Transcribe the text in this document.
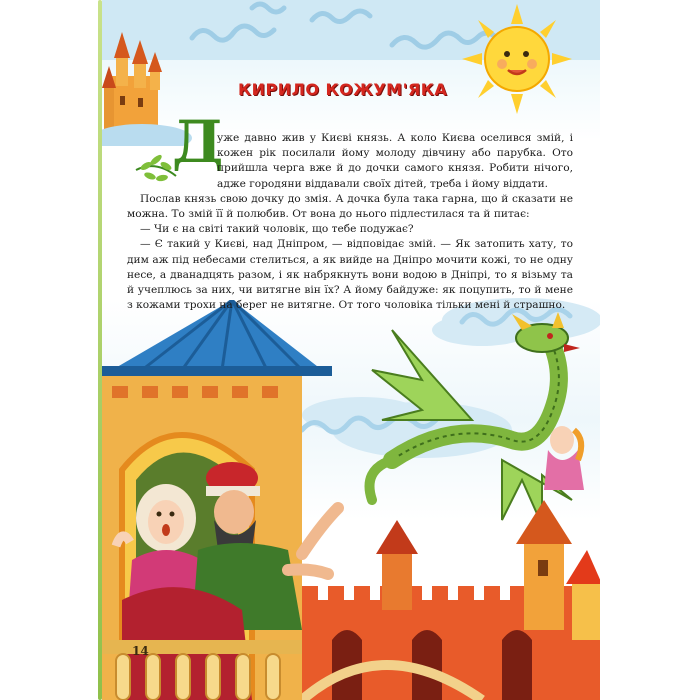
КИРИЛО КОЖУМ'ЯКА
Д

уже давно жив у Києві князь. А коло Києва оселився змій, і кожен рік посилали йому молоду дівчину або парубка. Ото прийшла черга вже й до дочки самого князя. Робити нічого, адже городяни віддавали своїх дітей, треба і йому віддати.

Послав князь свою дочку до змія. А дочка була така гарна, що й сказати не можна. То змій її й полюбив. От вона до нього підлестилася та й питає:

— Чи є на світі такий чоловік, що тебе подужає?

— Є такий у Києві, над Дніпром, — відповідає змій. — Як затопить хату, то дим аж під небесами стелиться, а як вийде на Дніпро мочити кожі, то не одну несе, а дванадцять разом, і як набрякнуть вони водою в Дніпрі, то я візьму та й учеплюсь за них, чи витягне він їх? А йому байдуже: як поцупить, то й мене з кожами трохи на берег не витягне. От того чоловіка тільки мені й страшно.

14
